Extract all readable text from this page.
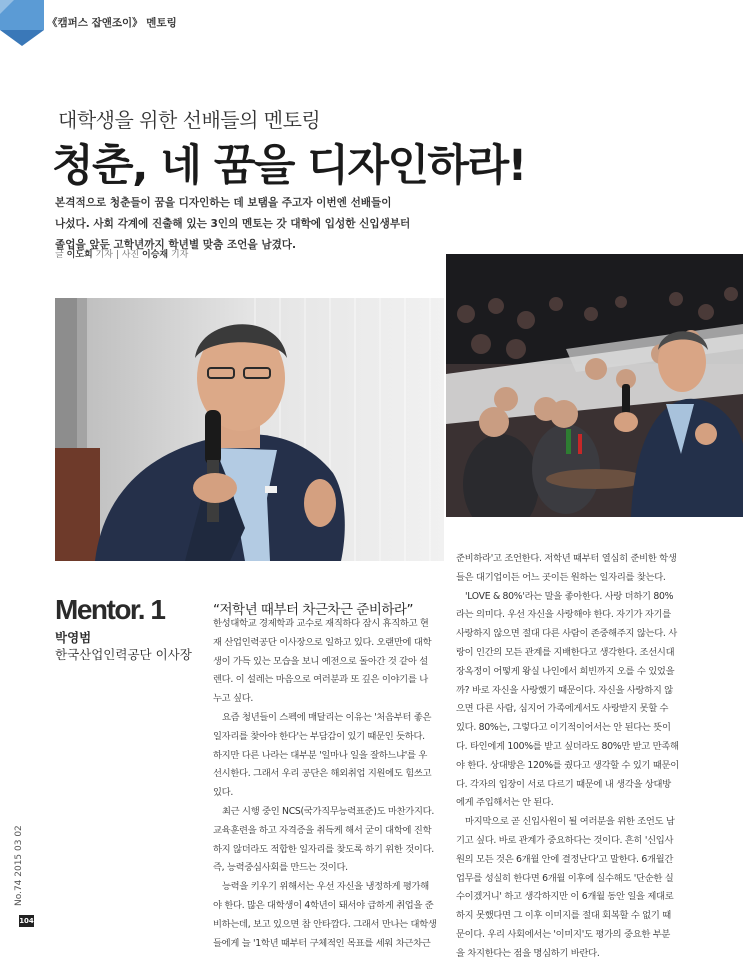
《캠퍼스 잡앤조이》 멘토링
대학생을 위한 선배들의 멘토링
청춘, 네 꿈을 디자인하라!

본격적으로 청춘들이 꿈을 디자인하는 데 보탬을 주고자 이번엔 선배들이

나섰다. 사회 각계에 진출해 있는 3인의 멘토는 갓 대학에 입성한 신입생부터

졸업을 앞둔 고학년까지 학년별 맞춤 조언을 남겼다.

글 이도희 기자 | 사진 이승재 기자
Mentor. 1
박영범
한국산업인력공단 이사장
“저학년 때부터 차근차근 준비하라”

한성대학교 경제학과 교수로 재직하다 잠시 휴직하고 현

재 산업인력공단 이사장으로 일하고 있다. 오랜만에 대학

생이 가득 있는 모습을 보니 예전으로 돌아간 것 같아 설

렌다. 이 설레는 마음으로 여러분과 또 깊은 이야기를 나

누고 싶다.

　요즘 청년들이 스펙에 매달리는 이유는 '처음부터 좋은

일자리를 찾아야 한다'는 부담감이 있기 때문인 듯하다.

하지만 다른 나라는 대부분 '일마나 일을 잘하느냐'를 우

선시한다. 그래서 우리 공단은 해외취업 지원에도 힘쓰고

있다.

　최근 시행 중인 NCS(국가직무능력표준)도 마찬가지다.

교육훈련을 하고 자격증을 취득케 해서 굳이 대학에 진학

하지 않더라도 적합한 일자리를 찾도록 하기 위한 것이다.

즉, 능력중심사회를 만드는 것이다.

　능력을 키우기 위해서는 우선 자신을 냉정하게 평가해

야 한다. 많은 대학생이 4학년이 돼서야 급하게 취업을 준

비하는데, 보고 있으면 참 안타깝다. 그래서 만나는 대학생

들에게 늘 '1학년 때부터 구체적인 목표를 세워 차근차근

준비하라'고 조언한다. 저학년 때부터 열심히 준비한 학생

들은 대기업이든 어느 곳이든 원하는 일자리를 찾는다.

　'LOVE & 80%'라는 말을 좋아한다. 사랑 더하기 80%

라는 의미다. 우선 자신을 사랑해야 한다. 자기가 자기를

사랑하지 않으면 절대 다른 사람이 존중해주지 않는다. 사

랑이 인간의 모든 관계를 지배한다고 생각한다. 조선시대

장옥정이 어떻게 왕실 나인에서 희빈까지 오를 수 있었을

까? 바로 자신을 사랑했기 때문이다. 자신을 사랑하지 않

으면 다른 사람, 심지어 가족에게서도 사랑받지 못할 수

있다. 80%는, 그렇다고 이기적이어서는 안 된다는 뜻이

다. 타인에게 100%를 받고 싶더라도 80%만 받고 만족해

야 한다. 상대방은 120%를 줬다고 생각할 수 있기 때문이

다. 각자의 입장이 서로 다르기 때문에 내 생각을 상대방

에게 주입해서는 안 된다.

　마지막으로 곧 신입사원이 될 여러분을 위한 조언도 남

기고 싶다. 바로 관계가 중요하다는 것이다. 흔히 '신입사

원의 모든 것은 6개월 안에 결정난다'고 말한다. 6개월간

업무를 성실히 한다면 6개월 이후에 실수해도 '단순한 실

수이겠거니' 하고 생각하지만 이 6개월 동안 일을 제대로

하지 못했다면 그 이후 이미지를 절대 회복할 수 없기 때

문이다. 우리 사회에서는 '이미지'도 평가의 중요한 부분

을 차지한다는 점을 명심하기 바란다.

No.74 2015 03 02
104
